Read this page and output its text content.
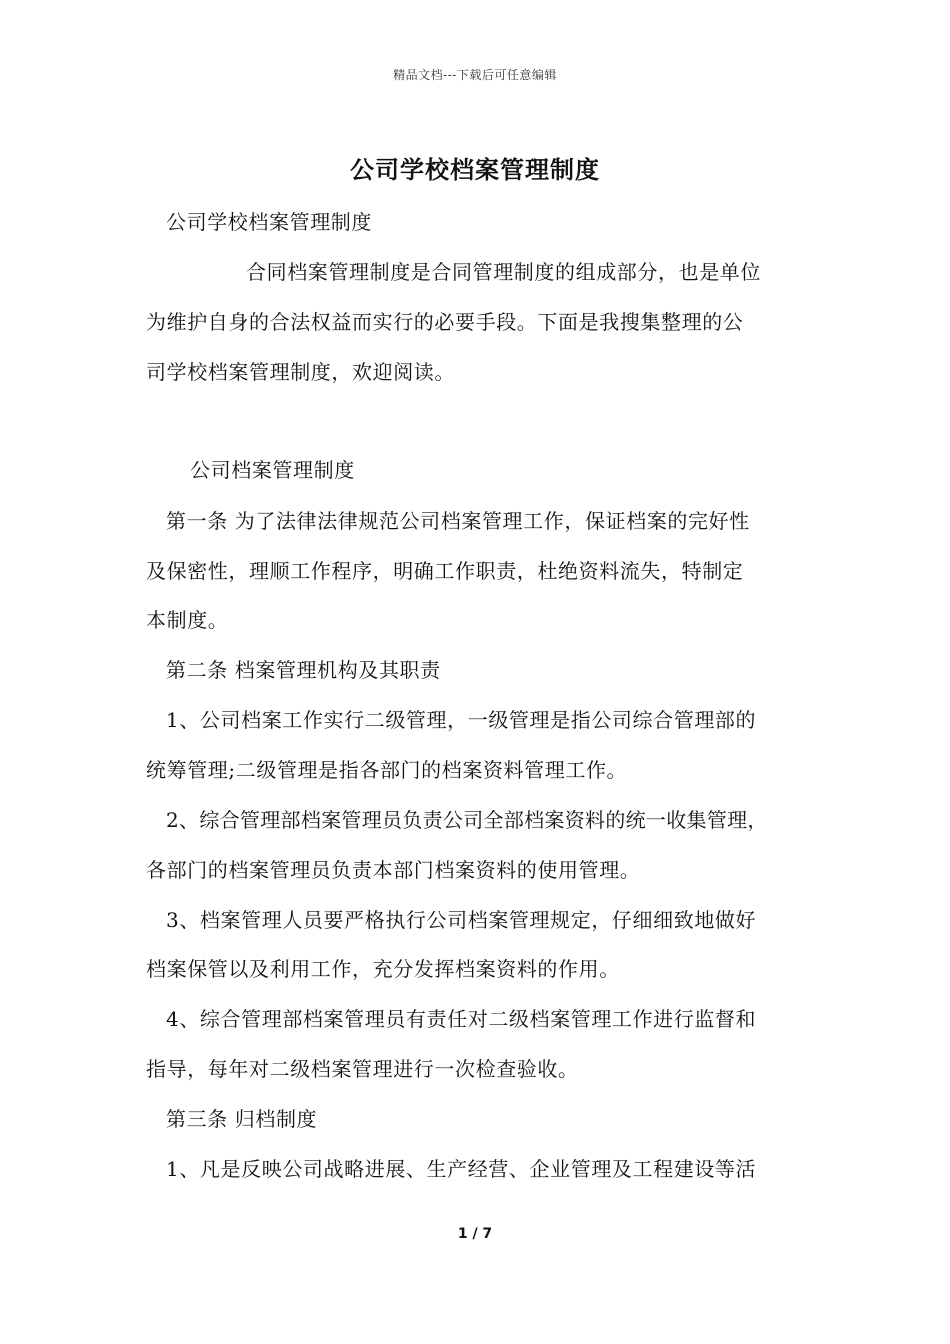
精品文档---下载后可任意编辑
公司学校档案管理制度
公司学校档案管理制度
合同档案管理制度是合同管理制度的组成部分，也是单位
为维护自身的合法权益而实行的必要手段。下面是我搜集整理的公
司学校档案管理制度，欢迎阅读。
公司档案管理制度
第一条 为了法律法律规范公司档案管理工作，保证档案的完好性
及保密性，理顺工作程序，明确工作职责，杜绝资料流失，特制定
本制度。
第二条 档案管理机构及其职责
1、公司档案工作实行二级管理，一级管理是指公司综合管理部的
统筹管理;二级管理是指各部门的档案资料管理工作。
2、综合管理部档案管理员负责公司全部档案资料的统一收集管理，
各部门的档案管理员负责本部门档案资料的使用管理。
3、档案管理人员要严格执行公司档案管理规定，仔细细致地做好
档案保管以及利用工作，充分发挥档案资料的作用。
4、综合管理部档案管理员有责任对二级档案管理工作进行监督和
指导，每年对二级档案管理进行一次检查验收。
第三条 归档制度
1、凡是反映公司战略进展、生产经营、企业管理及工程建设等活
1 / 7
